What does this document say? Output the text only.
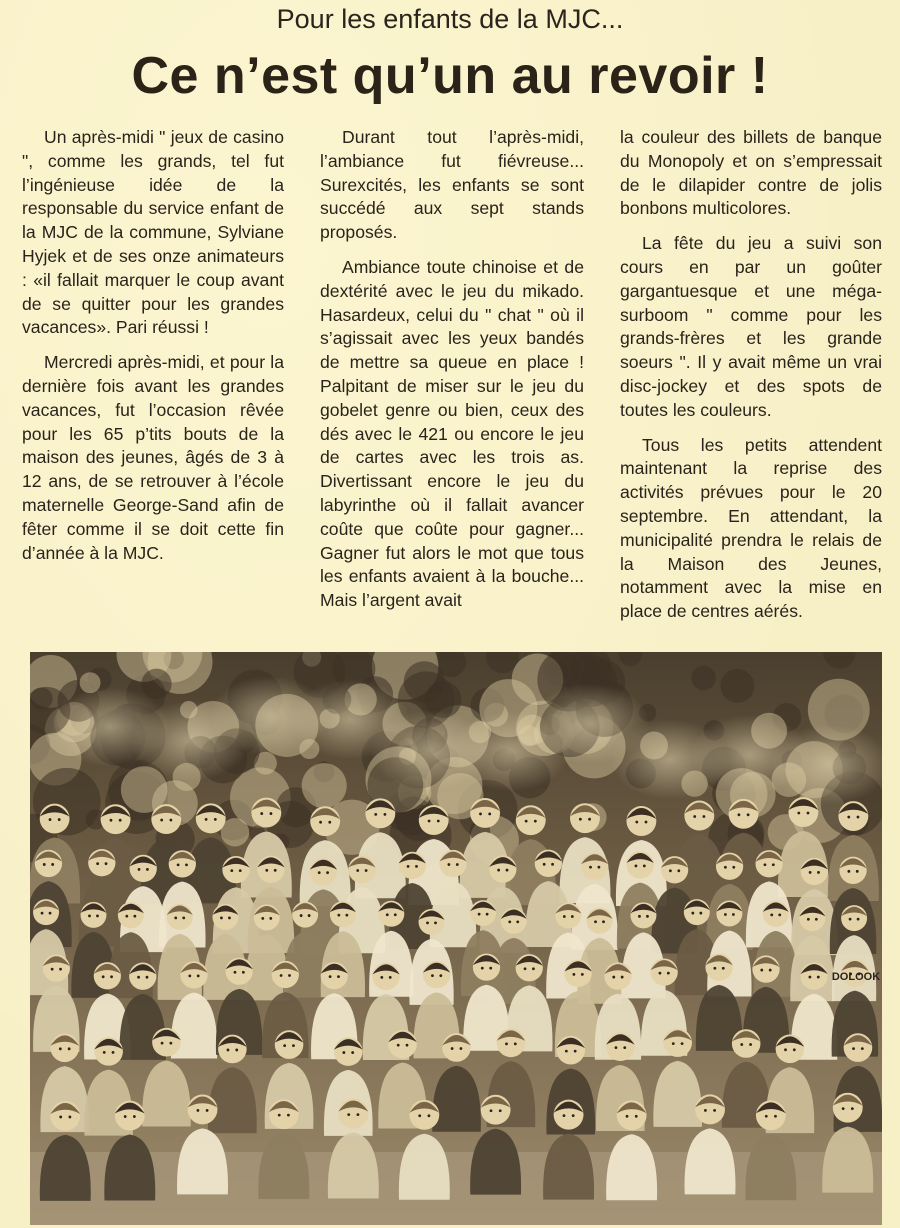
Pour les enfants de la MJC...
Ce n’est qu’un au revoir !

Un après-midi " jeux de casino ", comme les grands, tel fut l’ingénieuse idée de la responsable du service enfant de la MJC de la commune, Sylviane Hyjek et de ses onze animateurs : «il fallait marquer le coup avant de se quitter pour les grandes vacances». Pari réussi !

Mercredi après-midi, et pour la dernière fois avant les grandes vacances, fut l’occasion rêvée pour les 65 p’tits bouts de la maison des jeunes, âgés de 3 à 12 ans, de se retrouver à l’école maternelle George-Sand afin de fêter comme il se doit cette fin d’année à la MJC.

Durant tout l’après-midi, l’ambiance fut fiévreuse... Surexcités, les enfants se sont succédé aux sept stands proposés.

Ambiance toute chinoise et de dextérité avec le jeu du mikado. Hasardeux, celui du " chat " où il s’agissait avec les yeux bandés de mettre sa queue en place ! Palpitant de miser sur le jeu du gobelet genre ou bien, ceux des dés avec le 421 ou encore le jeu de cartes avec les trois as. Divertissant encore le jeu du labyrinthe où il fallait avancer coûte que coûte pour gagner... Gagner fut alors le mot que tous les enfants avaient à la bouche... Mais l’argent avait

la couleur des billets de banque du Monopoly et on s’empressait de le dilapider contre de jolis bonbons multicolores.

La fête du jeu a suivi son cours en par un goûter gargantuesque et une méga-surboom " comme pour les grands-frères et les grande soeurs ". Il y avait même un vrai disc-jockey et des spots de toutes les couleurs.

Tous les petits attendent maintenant la reprise des activités prévues pour le 20 septembre. En attendant, la municipalité prendra le relais de la Maison des Jeunes, notamment avec la mise en place de centres aérés.

DOLOOK
